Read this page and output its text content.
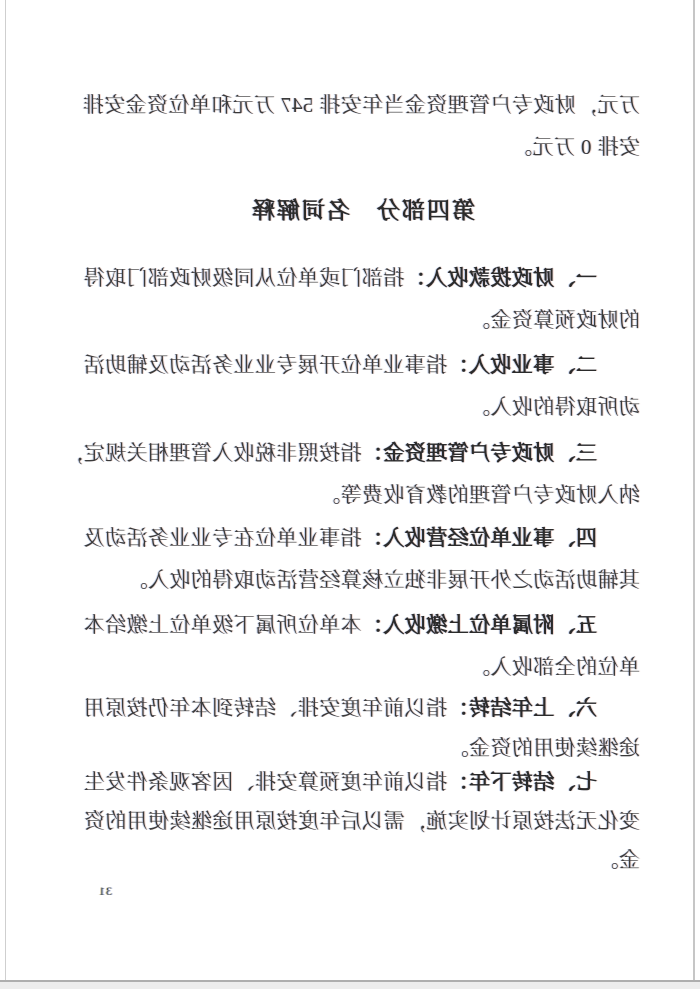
万元，财政专户管理资金当年安排 547 万元和单位资金安排
安排 0 万元。
第四部分　名词解释
一、财政拨款收入：指部门或单位从同级财政部门取得
的财政预算资金。
二、事业收入：指事业单位开展专业业务活动及辅助活
动所取得的收入。
三、财政专户管理资金：指按照非税收入管理相关规定，
纳入财政专户管理的教育收费等。
四、事业单位经营收入：指事业单位在专业业务活动及
其辅助活动之外开展非独立核算经营活动取得的收入。
五、附属单位上缴收入：本单位所属下级单位上缴给本
单位的全部收入。
六、上年结转：指以前年度安排、结转到本年仍按原用
途继续使用的资金。
七、结转下年：指以前年度预算安排、因客观条件发生
变化无法按原计划实施，需以后年度按原用途继续使用的资
金。
31
